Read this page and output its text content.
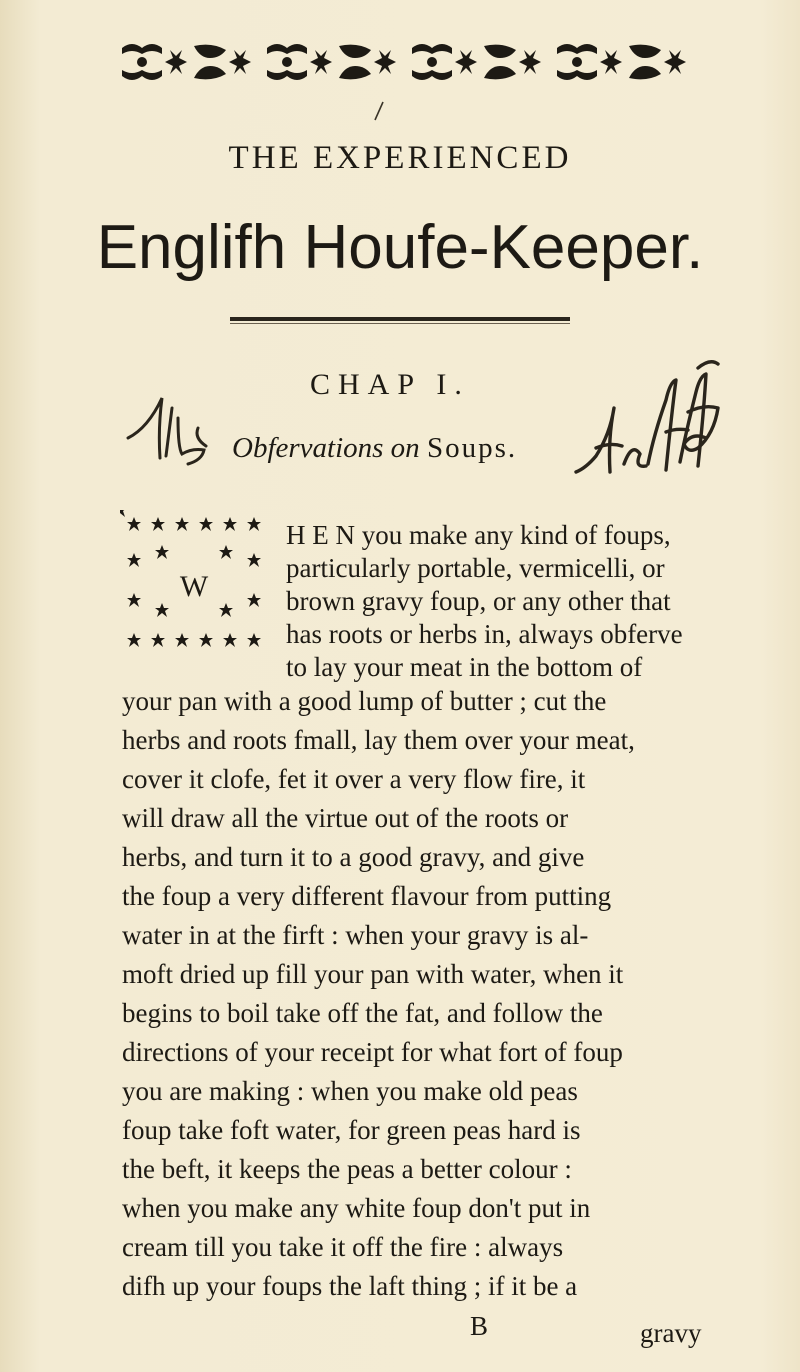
THE EXPERIENCED
Englifh Houfe-Keeper.
CHAP I.
Obfervations on Soups.
W
H E N you make any kind of foups,
particularly portable, vermicelli, or
brown gravy foup, or any other that
has roots or herbs in, always obferve
to lay your meat in the bottom of
your pan with a good lump of butter ; cut the
herbs and roots fmall, lay them over your meat,
cover it clofe, fet it over a very flow fire, it
will draw all the virtue out of the roots or
herbs, and turn it to a good gravy, and give
the foup a very different flavour from putting
water in at the firft : when your gravy is al-
moft dried up fill your pan with water, when it
begins to boil take off the fat, and follow the
directions of your receipt for what fort of foup
you are making : when you make old peas
foup take foft water, for green peas hard is
the beft, it keeps the peas a better colour :
when you make any white foup don't put in
cream till you take it off the fire : always
difh up your foups the laft thing ; if it be a
B	gravy
